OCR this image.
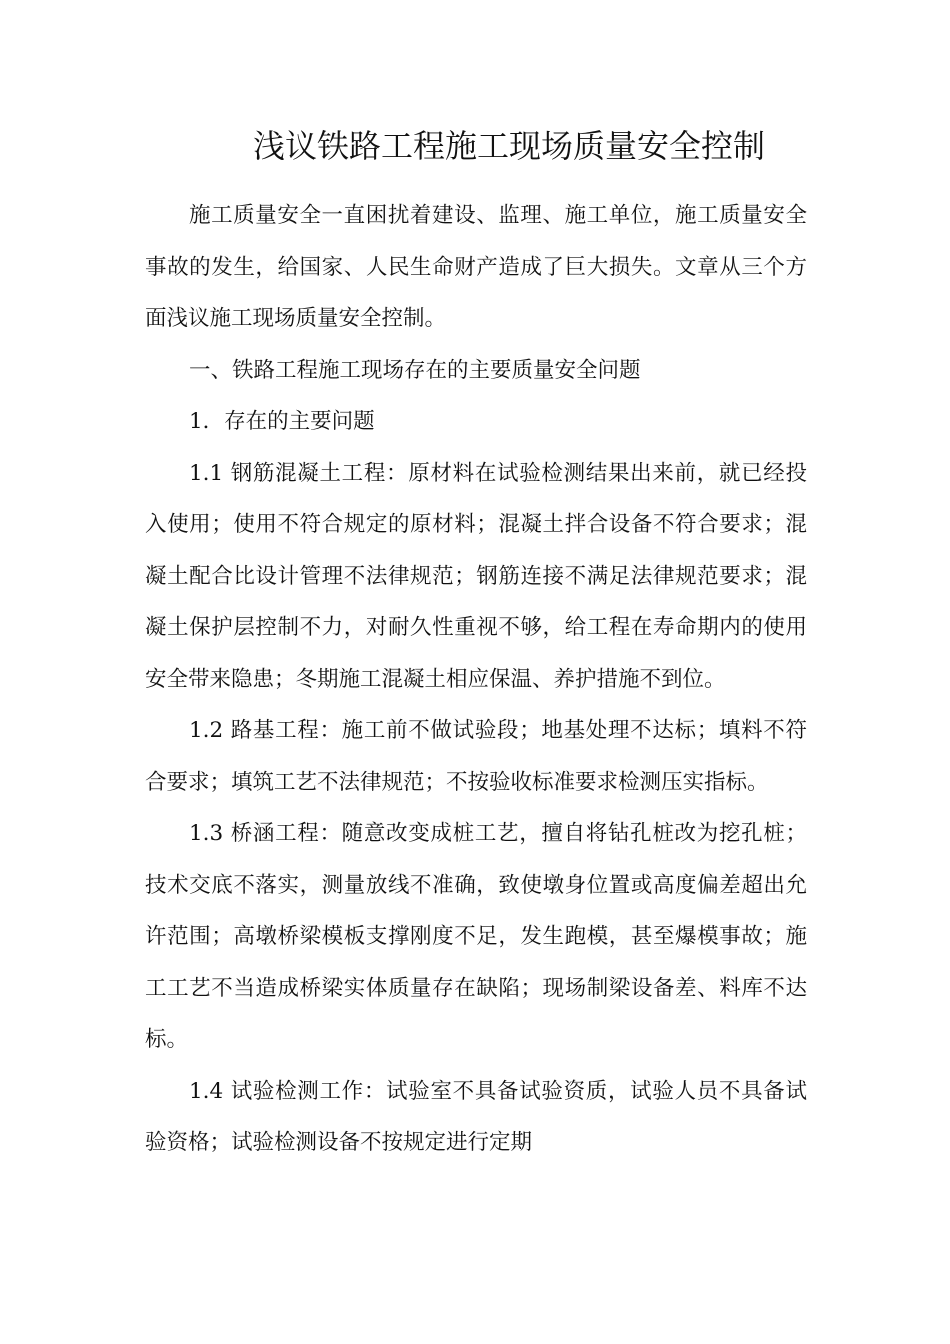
浅议铁路工程施工现场质量安全控制

施工质量安全一直困扰着建设、监理、施工单位，施工质量安全事故的发生，给国家、人民生命财产造成了巨大损失。文章从三个方面浅议施工现场质量安全控制。

一、铁路工程施工现场存在的主要质量安全问题

1．存在的主要问题

1.1 钢筋混凝土工程：原材料在试验检测结果出来前，就已经投入使用；使用不符合规定的原材料；混凝土拌合设备不符合要求；混凝土配合比设计管理不法律规范；钢筋连接不满足法律规范要求；混凝土保护层控制不力，对耐久性重视不够，给工程在寿命期内的使用安全带来隐患；冬期施工混凝土相应保温、养护措施不到位。

1.2 路基工程：施工前不做试验段；地基处理不达标；填料不符合要求；填筑工艺不法律规范；不按验收标准要求检测压实指标。

1.3 桥涵工程：随意改变成桩工艺，擅自将钻孔桩改为挖孔桩；技术交底不落实，测量放线不准确，致使墩身位置或高度偏差超出允许范围；高墩桥梁模板支撑刚度不足，发生跑模，甚至爆模事故；施工工艺不当造成桥梁实体质量存在缺陷；现场制梁设备差、料库不达标。

1.4 试验检测工作：试验室不具备试验资质，试验人员不具备试验资格；试验检测设备不按规定进行定期
